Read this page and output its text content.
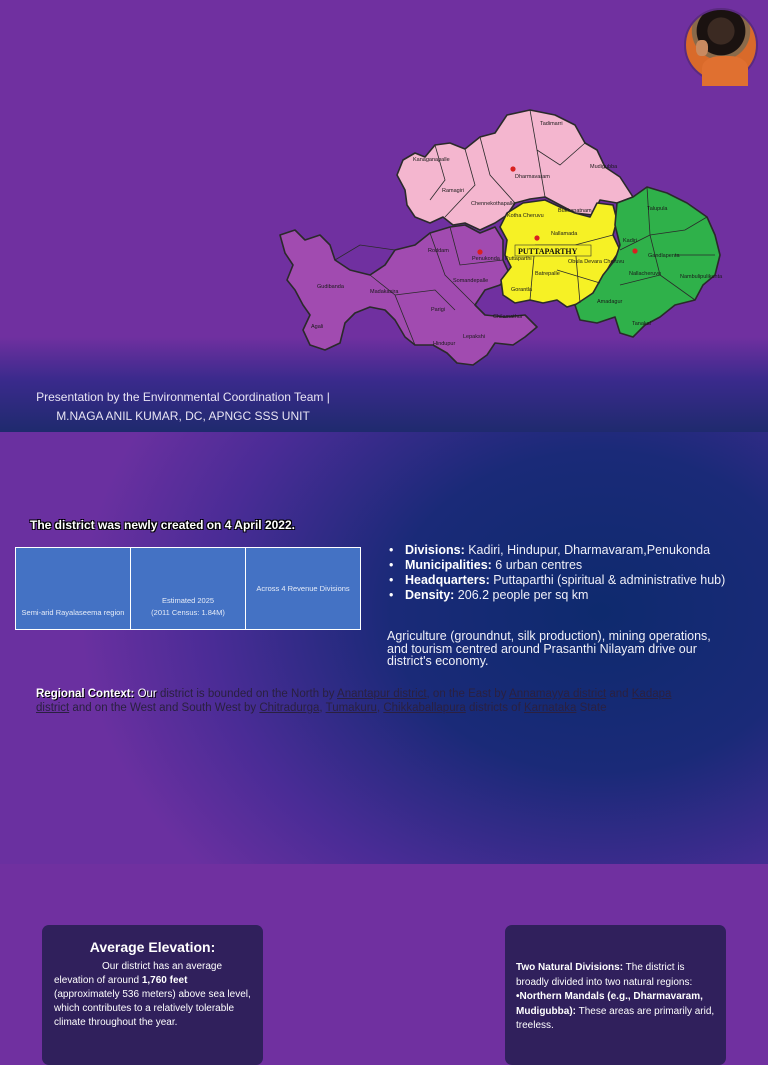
PUTTAPARTHY
Tadimarri
Mudigubba
Kanaganapalle
Dharmavaram
Ramagiri
Chennekothapalle
Bukkapatnam
Kotha Cheruvu
Nallamada
Talupula
Kadiri
Roddam
Penukonda Puttaparthi
Somandepalle
Obula Devara Cheruvu
Gorantla
Gudibanda
Madakasira
Parigi
Agali
Chilamathur
Lepakshi
Hindupur
Amadagur
Tanakal
Nallacheruvu
Gandlapenta
Nambulipulikunta
Batrepalle
Presentation by the Environmental Coordination Team |
M.NAGA ANIL KUMAR, DC, APNGC SSS UNIT
The district was newly created on 4 April 2022.
Semi-arid Rayalaseema region
Estimated 2025
(2011 Census: 1.84M)
Across 4 Revenue Divisions
• Divisions: Kadiri, Hindupur, Dharmavaram,Penukonda
• Municipalities: 6 urban centres
• Headquarters: Puttaparthi (spiritual & administrative hub)
• Density: 206.2 people per sq km

Agriculture (groundnut, silk production), mining operations, and tourism centred around Prasanthi Nilayam drive our district's economy.

Regional Context: Our district is bounded on the North by Anantapur district, on the East by Annamayya district and Kadapa district and on the West and South West by Chitradurga, Tumakuru, Chikkaballapura districts of Karnataka State

Average Elevation:
Our district has an average elevation of around 1,760 feet (approximately 536 meters) above sea level, which contributes to a relatively tolerable climate throughout the year.
Two Natural Divisions: The district is broadly divided into two natural regions:
•Northern Mandals (e.g., Dharmavaram, Mudigubba): These areas are primarily arid, treeless.
